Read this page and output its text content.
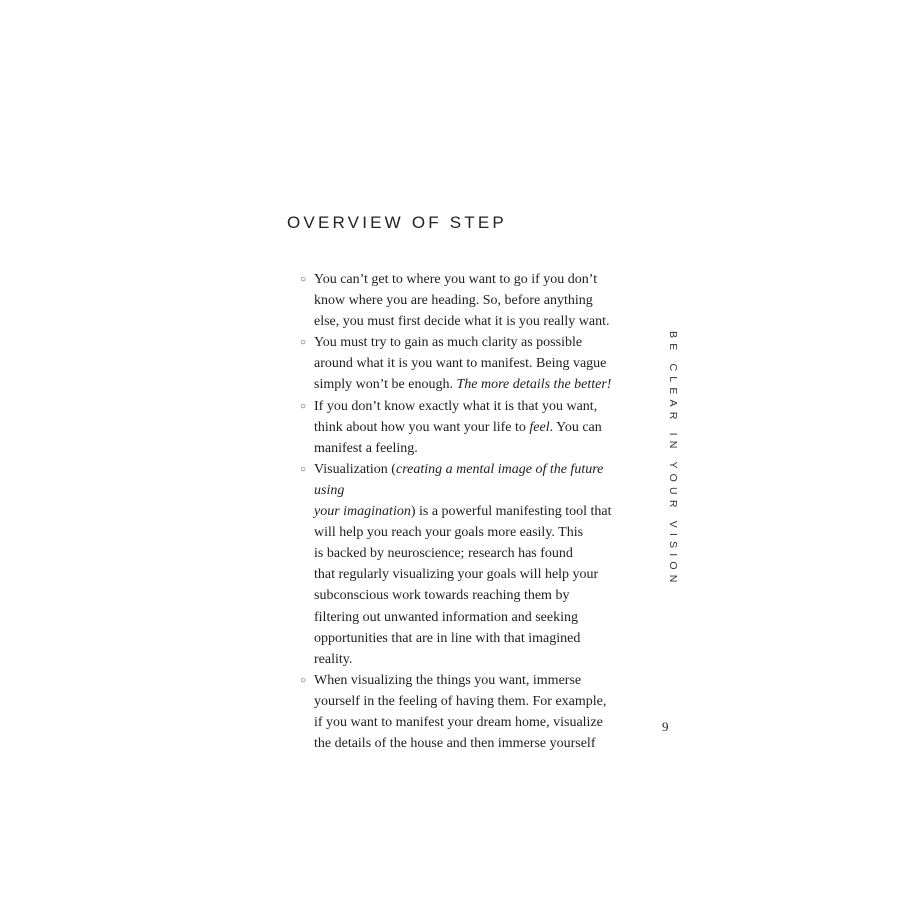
OVERVIEW OF STEP
○ You can’t get to where you want to go if you don’t
know where you are heading. So, before anything
else, you must first decide what it is you really want.
○ You must try to gain as much clarity as possible
around what it is you want to manifest. Being vague
simply won’t be enough. The more details the better!
○ If you don’t know exactly what it is that you want,
think about how you want your life to feel. You can
manifest a feeling.
○ Visualization (creating a mental image of the future using
your imagination) is a powerful manifesting tool that
will help you reach your goals more easily. This
is backed by neuroscience; research has found
that regularly visualizing your goals will help your
subconscious work towards reaching them by
filtering out unwanted information and seeking
opportunities that are in line with that imagined
reality.
○ When visualizing the things you want, immerse
yourself in the feeling of having them. For example,
if you want to manifest your dream home, visualize
the details of the house and then immerse yourself
BE CLEAR IN YOUR VISION
9
